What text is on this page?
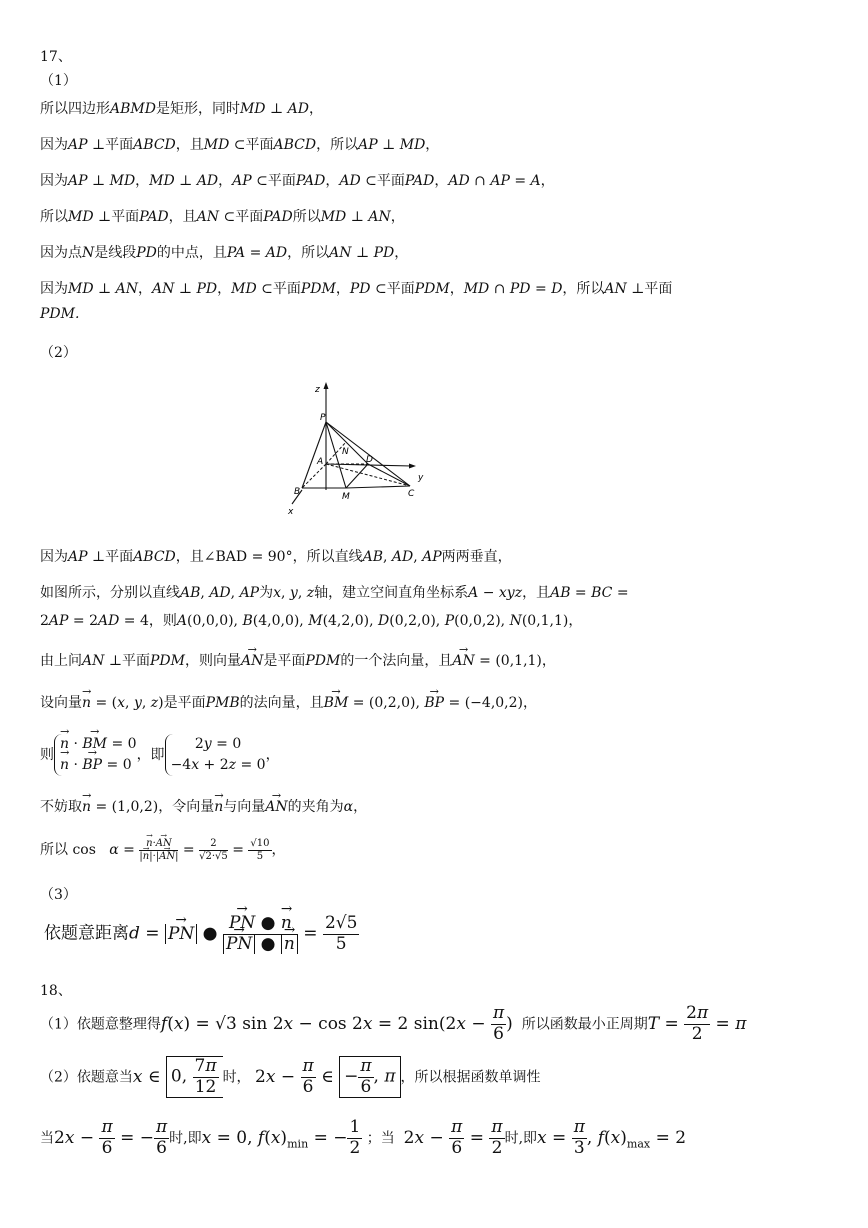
17、
（1）
所以四边形ABMD是矩形，同时MD ⊥ AD，
因为AP ⊥平面ABCD，且MD ⊂平面ABCD，所以AP ⊥ MD，
因为AP ⊥ MD，MD ⊥ AD，AP ⊂平面PAD，AD ⊂平面PAD，AD ∩ AP = A，
所以MD ⊥平面PAD，且AN ⊂平面PAD所以MD ⊥ AN，
因为点N是线段PD的中点，且PA = AD，所以AN ⊥ PD，
因为MD ⊥ AN，AN ⊥ PD，MD ⊂平面PDM，PD ⊂平面PDM，MD ∩ PD = D，所以AN ⊥平面
PDM.
（2）
z
y
x
P
N
A	D
B	M	C
因为AP ⊥平面ABCD，且∠BAD = 90°，所以直线AB, AD, AP两两垂直，
如图所示，分别以直线AB, AD, AP为x, y, z轴，建立空间直角坐标系A − xyz，且AB = BC =
2AP = 2AD = 4，则A(0,0,0), B(4,0,0), M(4,2,0), D(0,2,0), P(0,0,2), N(0,1,1)，
由上问AN ⊥平面PDM，则向量→ AN是平面PDM的一个法向量，且→ AN = (0,1,1)，
设向量→ n = (x, y, z)是平面PMB的法向量，且→ BM = (0,2,0), → BP = (−4,0,2)，
则→ n · → BM = 0
→ n · → BP = 0，即2y = 0
−4x + 2z = 0，
不妨取→ n = (1,0,2)，令向量→ n与向量→ AN的夹角为α，
所以 cos α = → $\frac{n\cdot\to AN}{|\to n|\cdot|\to AN|} = \frac{2}{√2\cdot√5} = \frac{√10}{5}$ ，
（3）
依题意距离d = → PN ● → PN ● → n
→ PN ● → $n = \frac{2√5}{5}$
18、
（1）依题意整理得f(x) = √3 sin 2x − cos 2x = 2 $\sin(2x - \frac{\pi}{6}$ ) 所以函数最小正周期$T = \frac{2\pi}{2} = \pi$
（2）依题意当x ∈ 0, $\frac{7\pi}{12}$ 时， $2x - \frac{\pi}{6}$ ∈ − $\frac{\pi}{6}$ , π ，所以根据函数单调性
当$2x - \frac{\pi}{6}$ = − $\frac{\pi}{6}$ 时,即x = 0, $f(x)_{min}$ = − $\frac{1}{2}$ ；当 $2x - \frac{\pi}{6} = \frac{\pi}{2}$ 时,即$x = \frac{\pi}{3}$ , $f(x)_{max} = 2$
